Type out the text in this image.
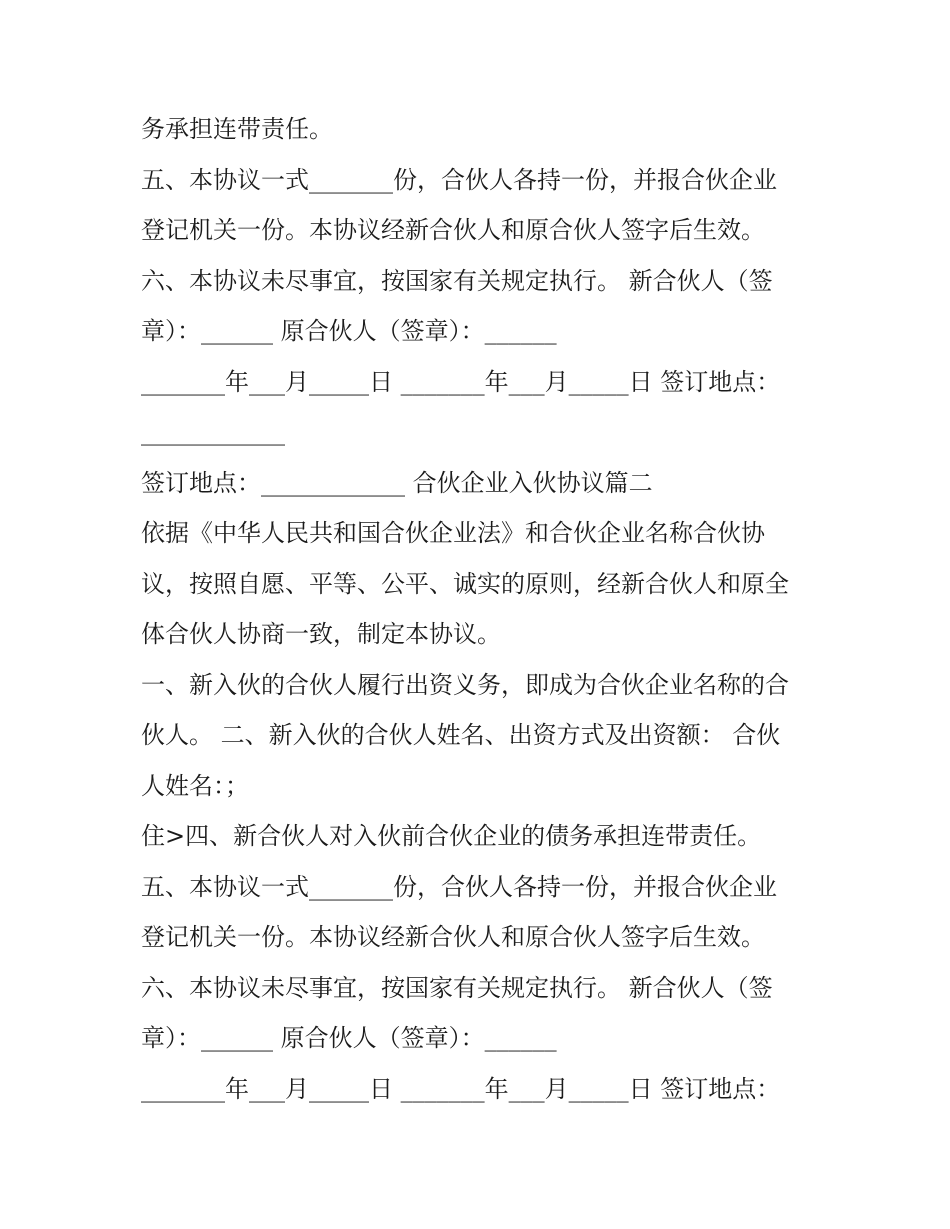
务承担连带责任。
五、本协议一式_______份，合伙人各持一份，并报合伙企业
登记机关一份。本协议经新合伙人和原合伙人签字后生效。
六、本协议未尽事宜，按国家有关规定执行。 新合伙人（签
章）：______ 原合伙人（签章）：______
_______年___月_____日 _______年___月_____日 签订地点：
____________
签订地点：____________ 合伙企业入伙协议篇二
依据《中华人民共和国合伙企业法》和合伙企业名称合伙协
议，按照自愿、平等、公平、诚实的原则，经新合伙人和原全
体合伙人协商一致，制定本协议。
一、新入伙的合伙人履行出资义务，即成为合伙企业名称的合
伙人。 二、新入伙的合伙人姓名、出资方式及出资额： 合伙
人姓名：；
住>四、新合伙人对入伙前合伙企业的债务承担连带责任。
五、本协议一式_______份，合伙人各持一份，并报合伙企业
登记机关一份。本协议经新合伙人和原合伙人签字后生效。
六、本协议未尽事宜，按国家有关规定执行。 新合伙人（签
章）：______ 原合伙人（签章）：______
_______年___月_____日 _______年___月_____日 签订地点：
